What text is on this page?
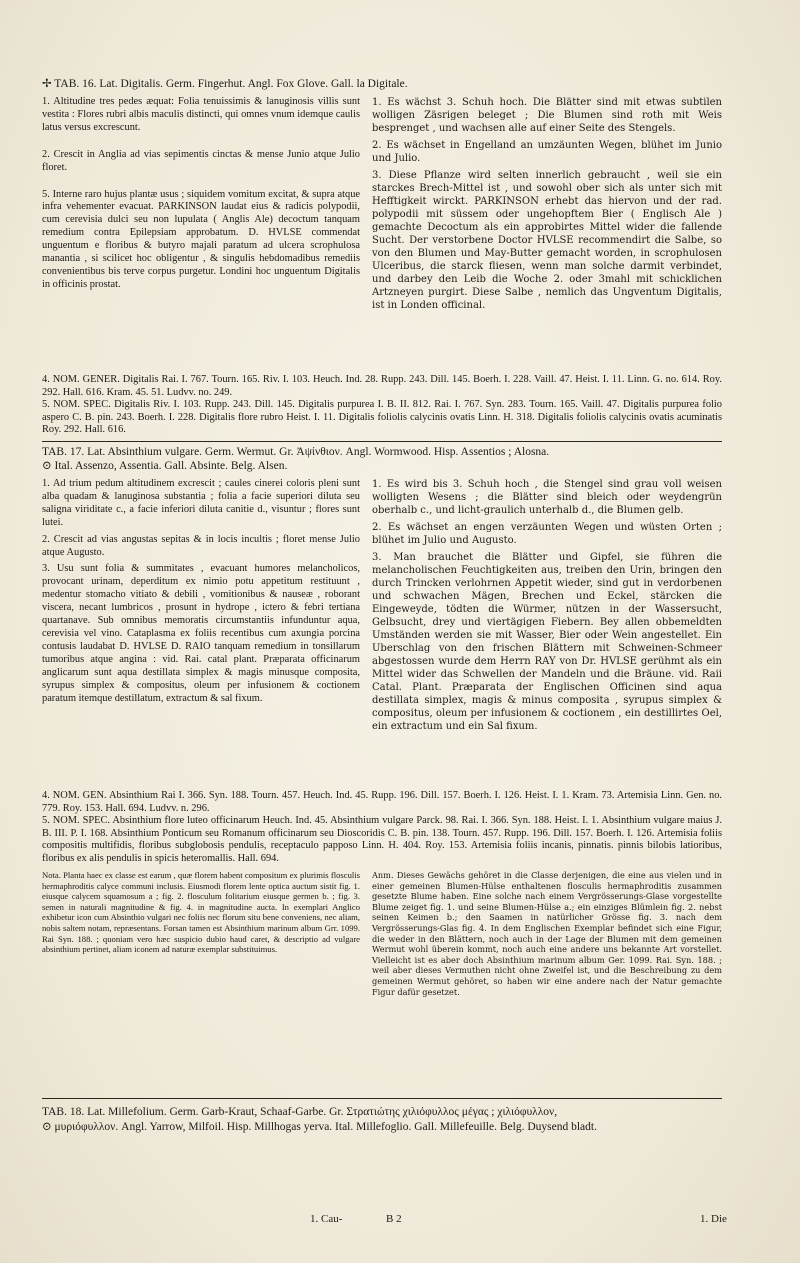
✢ TAB. 16. Lat. Digitalis. Germ. Fingerhut. Angl. Fox Glove. Gall. la Digitale.

1. Altitudine tres pedes æquat: Folia tenuissimis & lanuginosis villis sunt vestita : Flores rubri albis maculis distincti, qui omnes vnum idemque caulis latus versus excrescunt.

2. Crescit in Anglia ad vias sepimentis cinctas & mense Junio atque Julio floret.

5. Interne raro hujus plantæ usus ; siquidem vomitum excitat, & supra atque infra vehementer evacuat. PARKINSON laudat eius & radicis polypodii, cum cerevisia dulci seu non lupulata ( Anglis Ale) decoctum tanquam remedium contra Epilepsiam approbatum. D. HVLSE commendat unguentum e floribus & butyro majali paratum ad ulcera scrophulosa manantia , si scilicet hoc obligentur , & singulis hebdomadibus remediis convenientibus bis terve corpus purgetur. Londini hoc unguentum Digitalis in officinis prostat.

1. Es wächst 3. Schuh hoch. Die Blätter sind mit etwas subtilen wolligen Zäsrigen beleget ; Die Blumen sind roth mit Weis besprenget , und wachsen alle auf einer Seite des Stengels.

2. Es wächset in Engelland an umzäunten Wegen, blühet im Junio und Julio.

3. Diese Pflanze wird selten innerlich gebraucht , weil sie ein starckes Brech-Mittel ist , und sowohl ober sich als unter sich mit Hefftigkeit wirckt. PARKINSON erhebt das hiervon und der rad. polypodii mit süssem oder ungehopftem Bier ( Englisch Ale ) gemachte Decoctum als ein approbirtes Mittel wider die fallende Sucht. Der verstorbene Doctor HVLSE recommendirt die Salbe, so von den Blumen und May-Butter gemacht worden, in scrophulosen Ulceribus, die starck fliesen, wenn man solche darmit verbindet, und darbey den Leib die Woche 2. oder 3mahl mit schicklichen Artzneyen purgirt. Diese Salbe , nemlich das Ungventum Digitalis, ist in Londen officinal.

4. NOM. GENER. Digitalis Rai. I. 767. Tourn. 165. Riv. I. 103. Heuch. Ind. 28. Rupp. 243. Dill. 145. Boerh. I. 228. Vaill. 47. Heist. I. 11. Linn. G. no. 614. Roy. 292. Hall. 616. Kram. 45. 51. Ludvv. no. 249.

5. NOM. SPEC. Digitalis Riv. I. 103. Rupp. 243. Dill. 145. Digitalis purpurea I. B. II. 812. Rai. I. 767. Syn. 283. Tourn. 165. Vaill. 47. Digitalis purpurea folio aspero C. B. pin. 243. Boerh. I. 228. Digitalis flore rubro Heist. I. 11. Digitalis foliolis calycinis ovatis Linn. H. 318. Digitalis foliolis calycinis ovatis acuminatis Roy. 292. Hall. 616.

TAB. 17. Lat. Absinthium vulgare. Germ. Wermut. Gr. Ἀψίνθιον. Angl. Wormwood. Hisp. Assentios ; Alosna.
⊙ Ital. Assenzo, Assentia. Gall. Absinte. Belg. Alsen.

1. Ad trium pedum altitudinem excrescit ; caules cinerei coloris pleni sunt alba quadam & lanuginosa substantia ; folia a facie superiori diluta seu saligna viriditate c., a facie inferiori diluta canitie d., visuntur ; flores sunt lutei.

2. Crescit ad vias angustas sepitas & in locis incultis ; floret mense Julio atque Augusto.

3. Usu sunt folia & summitates , evacuant humores melancholicos, provocant urinam, deperditum ex nimio potu appetitum restituunt , medentur stomacho vitiato & debili , vomitionibus & nauseæ , roborant viscera, necant lumbricos , prosunt in hydrope , ictero & febri tertiana quartanave. Sub omnibus memoratis circumstantiis infunduntur aqua, cerevisia vel vino. Cataplasma ex foliis recentibus cum axungia porcina contusis laudabat D. HVLSE D. RAIO tanquam remedium in tonsillarum tumoribus atque angina : vid. Rai. catal plant. Præparata officinarum anglicarum sunt aqua destillata simplex & magis minusque composita, syrupus simplex & compositus, oleum per infusionem & coctionem paratum itemque destillatum, extractum & sal fixum.

1. Es wird bis 3. Schuh hoch , die Stengel sind grau voll weisen wolligten Wesens ; die Blätter sind bleich oder weydengrün oberhalb c., und licht-graulich unterhalb d., die Blumen gelb.

2. Es wächset an engen verzäunten Wegen und wüsten Orten ; blühet im Julio und Augusto.

3. Man brauchet die Blätter und Gipfel, sie führen die melancholischen Feuchtigkeiten aus, treiben den Urin, bringen den durch Trincken verlohrnen Appetit wieder, sind gut in verdorbenen und schwachen Mägen, Brechen und Eckel, stärcken die Eingeweyde, tödten die Würmer, nützen in der Wassersucht, Gelbsucht, drey und viertägigen Fiebern. Bey allen obbemeldten Umständen werden sie mit Wasser, Bier oder Wein angestellet. Ein Uberschlag von den frischen Blättern mit Schweinen-Schmeer abgestossen wurde dem Herrn RAY von Dr. HVLSE gerühmt als ein Mittel wider das Schwellen der Mandeln und die Bräune. vid. Raii Catal. Plant. Præparata der Englischen Officinen sind aqua destillata simplex, magis & minus composita , syrupus simplex & compositus, oleum per infusionem & coctionem , ein destillirtes Oel, ein extractum und ein Sal fixum.

4. NOM. GEN. Absinthium Rai I. 366. Syn. 188. Tourn. 457. Heuch. Ind. 45. Rupp. 196. Dill. 157. Boerh. I. 126. Heist. I. 1. Kram. 73. Artemisia Linn. Gen. no. 779. Roy. 153. Hall. 694. Ludvv. n. 296.

5. NOM. SPEC. Absinthium flore luteo officinarum Heuch. Ind. 45. Absinthium vulgare Parck. 98. Rai. I. 366. Syn. 188. Heist. I. 1. Absinthium vulgare maius J. B. III. P. I. 168. Absinthium Ponticum seu Romanum officinarum seu Dioscoridis C. B. pin. 138. Tourn. 457. Rupp. 196. Dill. 157. Boerh. I. 126. Artemisia foliis compositis multifidis, floribus subglobosis pendulis, receptaculo papposo Linn. H. 404. Roy. 153. Artemisia foliis incanis, pinnatis. pinnis bilobis latioribus, floribus ex alis pendulis in spicis heteromallis. Hall. 694.

Nota. Planta haec ex classe est earum , quæ florem habent compositum ex plurimis flosculis hermaphroditis calyce communi inclusis. Eiusmodi florem lente optica auctum sistit fig. 1. eiusque calycem squamosum a ; fig. 2. flosculum folitarium eiusque germen b. ; fig. 3. semen in naturali magnitudine & fig. 4. in magnitudine aucta. In exemplari Anglico exhibetur icon cum Absinthio vulgari nec foliis nec florum situ bene conveniens, nec aliam, nobis saltem notam, repræsentans. Forsan tamen est Absinthium marinum album Grr. 1099. Rai Syn. 188. ; quoniam vero hæc suspicio dubio haud caret, & descriptio ad vulgare absinthium pertinet, aliam iconem ad naturæ exemplar substituimus.
Anm. Dieses Gewächs gehöret in die Classe derjenigen, die eine aus vielen und in einer gemeinen Blumen-Hülse enthaltenen flosculis hermaphroditis zusammen gesetzte Blume haben. Eine solche nach einem Vergrösserungs-Glase vorgestellte Blume zeiget fig. 1. und seine Blumen-Hülse a.; ein einziges Blümlein fig. 2. nebst seinen Keimen b.; den Saamen in natürlicher Grösse fig. 3. nach dem Vergrösserungs-Glas fig. 4. In dem Englischen Exemplar befindet sich eine Figur, die weder in den Blättern, noch auch in der Lage der Blumen mit dem gemeinen Wermut wohl überein kommt, noch auch eine andere uns bekannte Art vorstellet. Vielleicht ist es aber doch Absinthium marinum album Ger. 1099. Rai. Syn. 188. ; weil aber dieses Vermuthen nicht ohne Zweifel ist, und die Beschreibung zu dem gemeinen Wermut gehöret, so haben wir eine andere nach der Natur gemachte Figur dafür gesetzet.
TAB. 18. Lat. Millefolium. Germ. Garb-Kraut, Schaaf-Garbe. Gr. Στρατιώτης χιλιόφυλλος μέγας ; χιλιόφυλλον,
⊙ μυριόφυλλον. Angl. Yarrow, Milfoil. Hisp. Millhogas yerva. Ital. Millefoglio. Gall. Millefeuille. Belg. Duysend bladt.
1. Cau-	B 2	1. Die
